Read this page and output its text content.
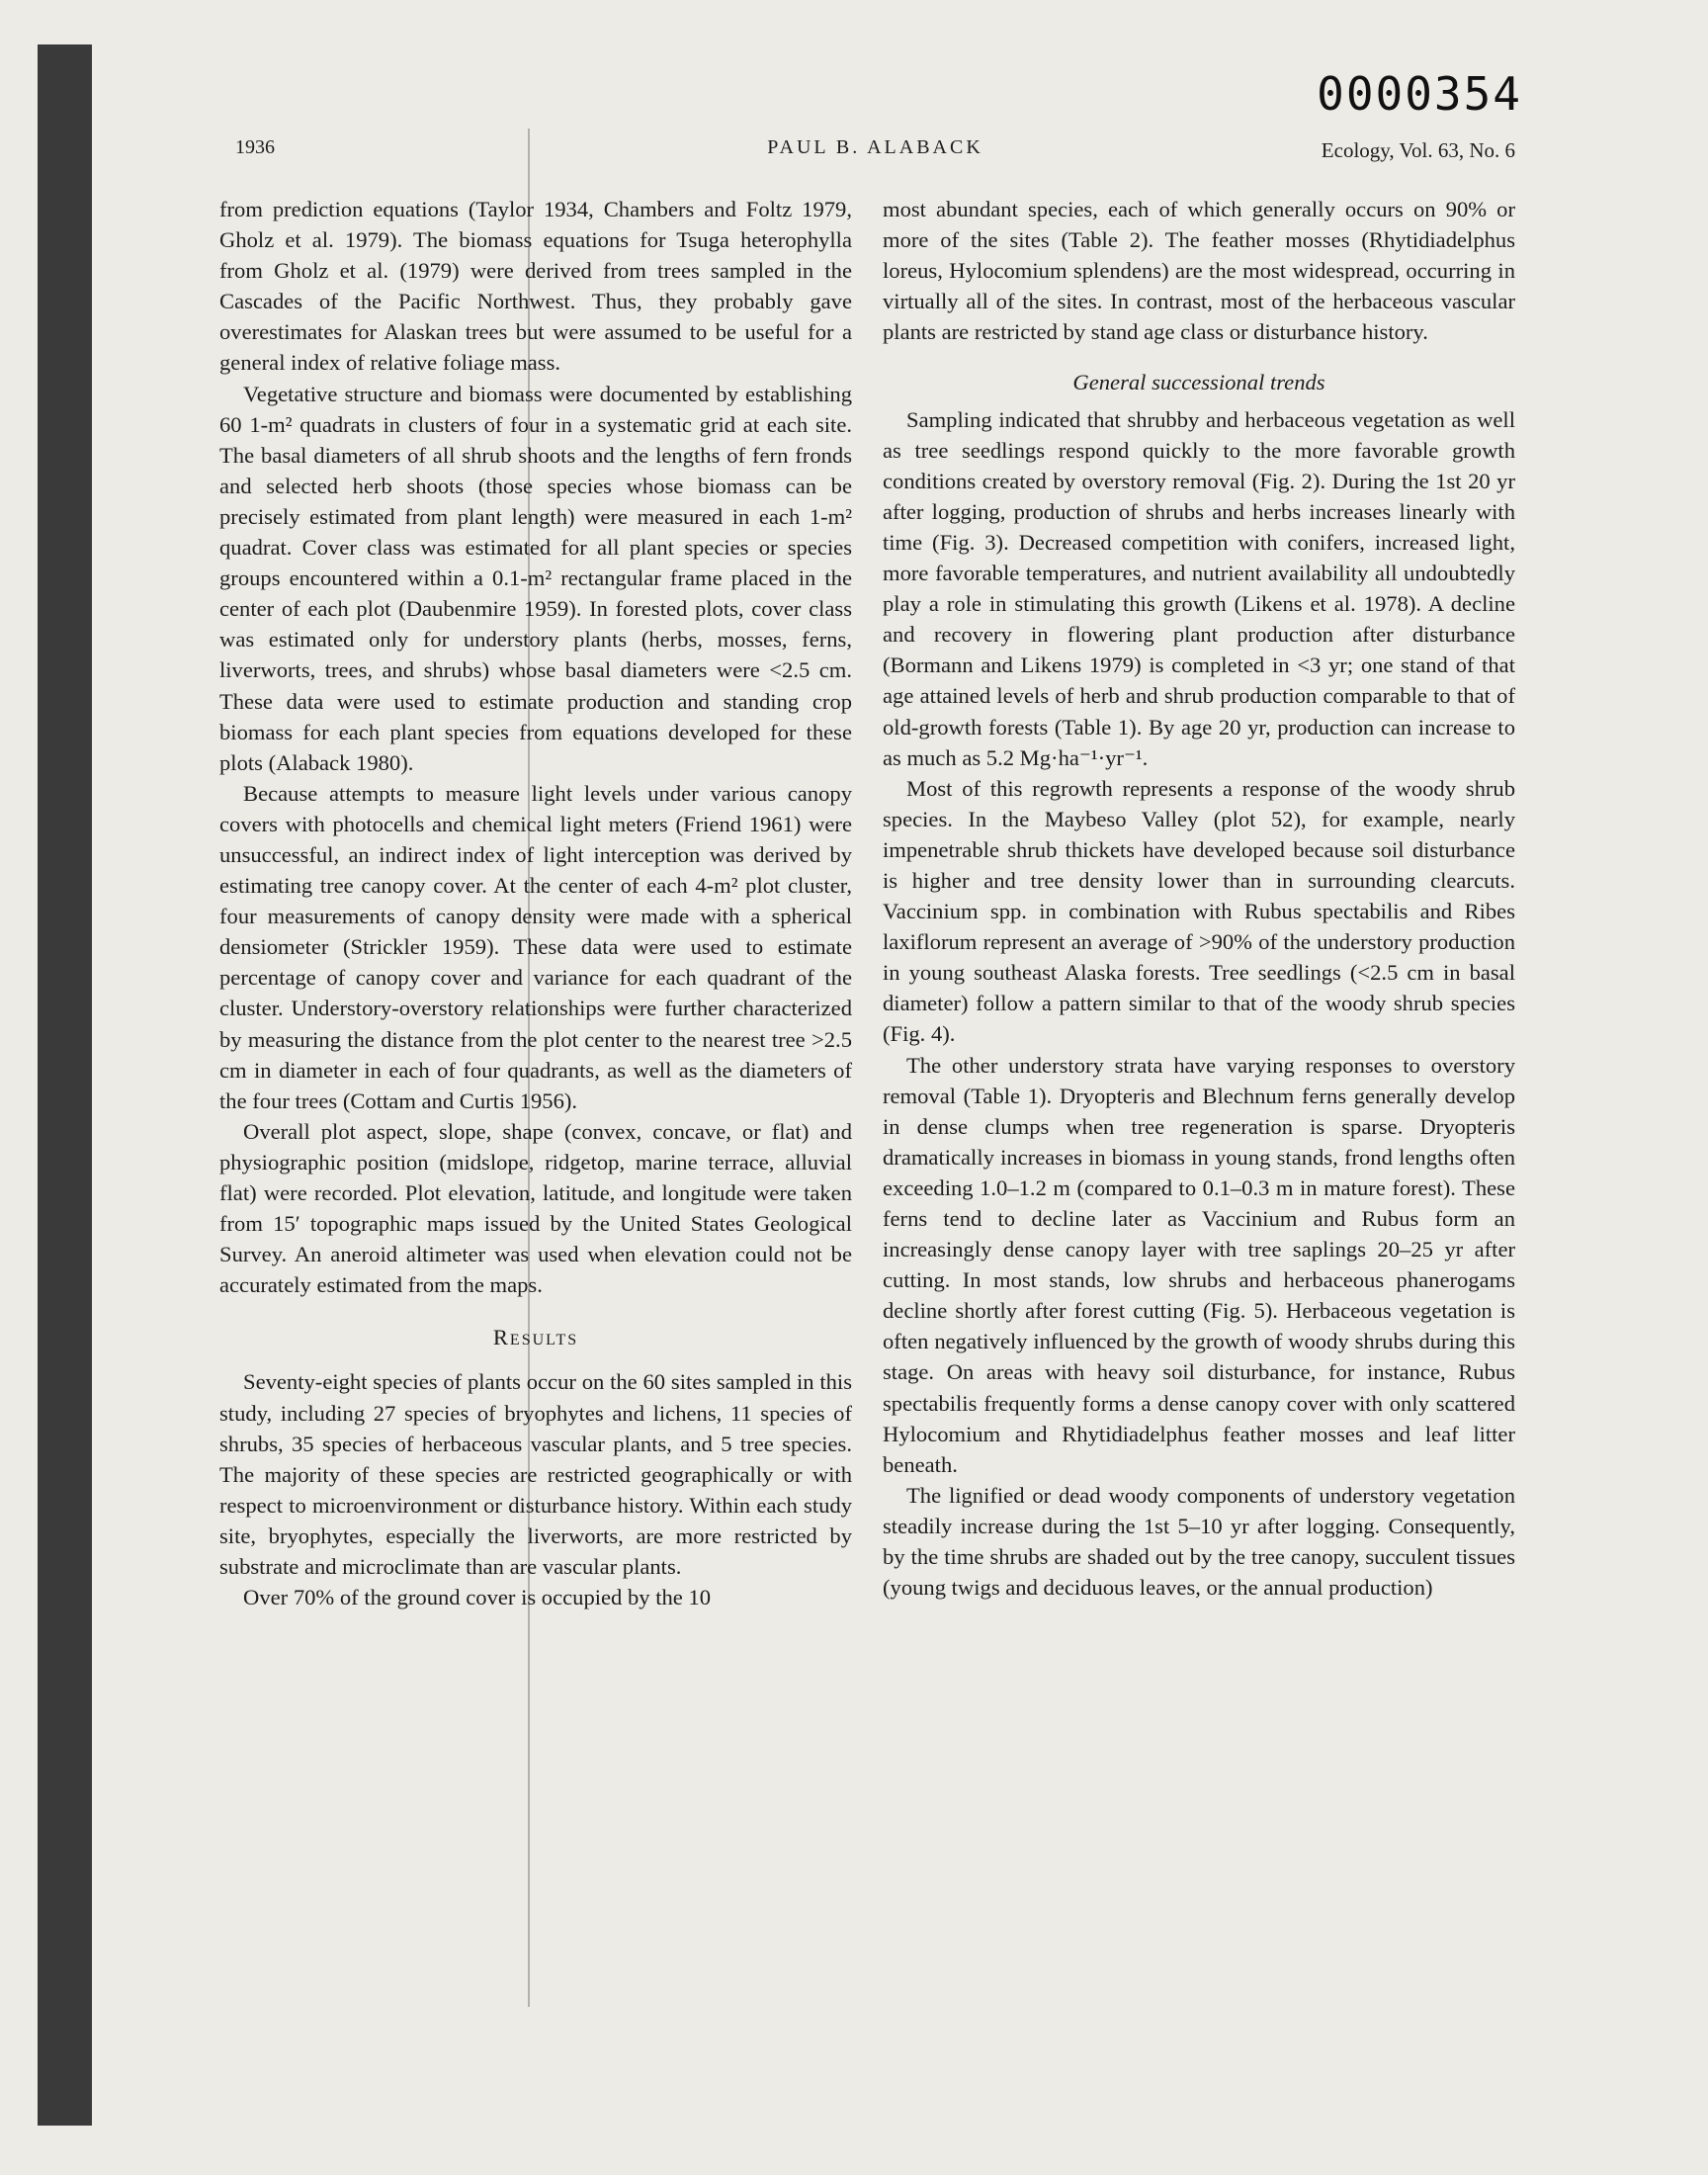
0000354
1936	PAUL B. ALABACK	Ecology, Vol. 63, No. 6

from prediction equations (Taylor 1934, Chambers and Foltz 1979, Gholz et al. 1979). The biomass equations for Tsuga heterophylla from Gholz et al. (1979) were derived from trees sampled in the Cascades of the Pacific Northwest. Thus, they probably gave overestimates for Alaskan trees but were assumed to be useful for a general index of relative foliage mass.

Vegetative structure and biomass were documented by establishing 60 1-m² quadrats in clusters of four in a systematic grid at each site. The basal diameters of all shrub shoots and the lengths of fern fronds and selected herb shoots (those species whose biomass can be precisely estimated from plant length) were measured in each 1-m² quadrat. Cover class was estimated for all plant species or species groups encountered within a 0.1-m² rectangular frame placed in the center of each plot (Daubenmire 1959). In forested plots, cover class was estimated only for understory plants (herbs, mosses, ferns, liverworts, trees, and shrubs) whose basal diameters were <2.5 cm. These data were used to estimate production and standing crop biomass for each plant species from equations developed for these plots (Alaback 1980).

Because attempts to measure light levels under various canopy covers with photocells and chemical light meters (Friend 1961) were unsuccessful, an indirect index of light interception was derived by estimating tree canopy cover. At the center of each 4-m² plot cluster, four measurements of canopy density were made with a spherical densiometer (Strickler 1959). These data were used to estimate percentage of canopy cover and variance for each quadrant of the cluster. Understory-overstory relationships were further characterized by measuring the distance from the plot center to the nearest tree >2.5 cm in diameter in each of four quadrants, as well as the diameters of the four trees (Cottam and Curtis 1956).

Overall plot aspect, slope, shape (convex, concave, or flat) and physiographic position (midslope, ridgetop, marine terrace, alluvial flat) were recorded. Plot elevation, latitude, and longitude were taken from 15′ topographic maps issued by the United States Geological Survey. An aneroid altimeter was used when elevation could not be accurately estimated from the maps.

Results

Seventy-eight species of plants occur on the 60 sites sampled in this study, including 27 species of bryophytes and lichens, 11 species of shrubs, 35 species of herbaceous vascular plants, and 5 tree species. The majority of these species are restricted geographically or with respect to microenvironment or disturbance history. Within each study site, bryophytes, especially the liverworts, are more restricted by substrate and microclimate than are vascular plants.

Over 70% of the ground cover is occupied by the 10

most abundant species, each of which generally occurs on 90% or more of the sites (Table 2). The feather mosses (Rhytidiadelphus loreus, Hylocomium splendens) are the most widespread, occurring in virtually all of the sites. In contrast, most of the herbaceous vascular plants are restricted by stand age class or disturbance history.

General successional trends

Sampling indicated that shrubby and herbaceous vegetation as well as tree seedlings respond quickly to the more favorable growth conditions created by overstory removal (Fig. 2). During the 1st 20 yr after logging, production of shrubs and herbs increases linearly with time (Fig. 3). Decreased competition with conifers, increased light, more favorable temperatures, and nutrient availability all undoubtedly play a role in stimulating this growth (Likens et al. 1978). A decline and recovery in flowering plant production after disturbance (Bormann and Likens 1979) is completed in <3 yr; one stand of that age attained levels of herb and shrub production comparable to that of old-growth forests (Table 1). By age 20 yr, production can increase to as much as 5.2 Mg·ha⁻¹·yr⁻¹.

Most of this regrowth represents a response of the woody shrub species. In the Maybeso Valley (plot 52), for example, nearly impenetrable shrub thickets have developed because soil disturbance is higher and tree density lower than in surrounding clearcuts. Vaccinium spp. in combination with Rubus spectabilis and Ribes laxiflorum represent an average of >90% of the understory production in young southeast Alaska forests. Tree seedlings (<2.5 cm in basal diameter) follow a pattern similar to that of the woody shrub species (Fig. 4).

The other understory strata have varying responses to overstory removal (Table 1). Dryopteris and Blechnum ferns generally develop in dense clumps when tree regeneration is sparse. Dryopteris dramatically increases in biomass in young stands, frond lengths often exceeding 1.0–1.2 m (compared to 0.1–0.3 m in mature forest). These ferns tend to decline later as Vaccinium and Rubus form an increasingly dense canopy layer with tree saplings 20–25 yr after cutting. In most stands, low shrubs and herbaceous phanerogams decline shortly after forest cutting (Fig. 5). Herbaceous vegetation is often negatively influenced by the growth of woody shrubs during this stage. On areas with heavy soil disturbance, for instance, Rubus spectabilis frequently forms a dense canopy cover with only scattered Hylocomium and Rhytidiadelphus feather mosses and leaf litter beneath.

The lignified or dead woody components of understory vegetation steadily increase during the 1st 5–10 yr after logging. Consequently, by the time shrubs are shaded out by the tree canopy, succulent tissues (young twigs and deciduous leaves, or the annual production)
